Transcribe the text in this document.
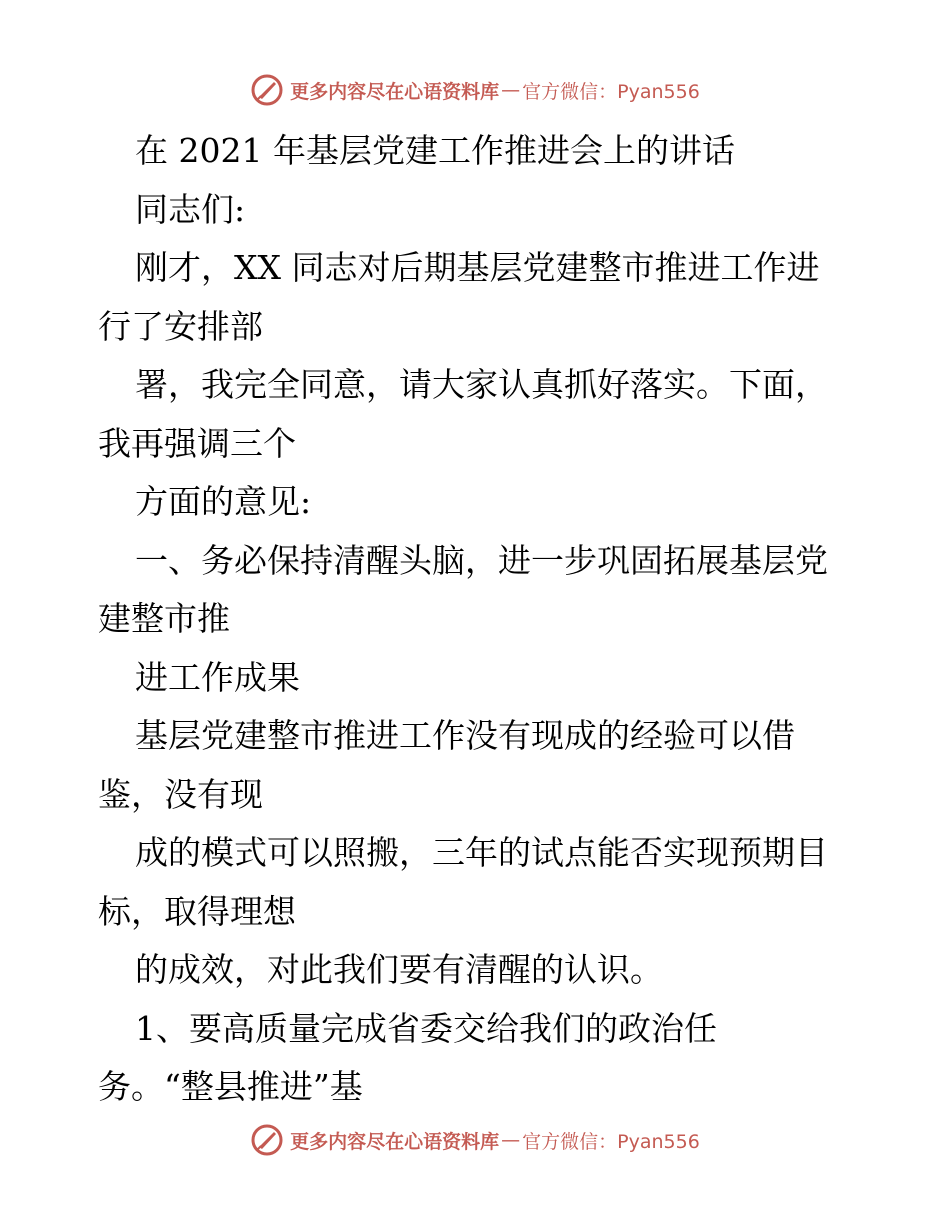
更多内容尽在心语资料库 — 官方微信：Pyan556
在 2021 年基层党建工作推进会上的讲话
同志们:
刚才，XX 同志对后期基层党建整市推进工作进
行了安排部
署，我完全同意，请大家认真抓好落实。下面，
我再强调三个
方面的意见:
一、务必保持清醒头脑，进一步巩固拓展基层党
建整市推
进工作成果
基层党建整市推进工作没有现成的经验可以借
鉴，没有现
成的模式可以照搬，三年的试点能否实现预期目
标，取得理想
的成效，对此我们要有清醒的认识。
1、要高质量完成省委交给我们的政治任
务。“整县推进”基
更多内容尽在心语资料库 — 官方微信：Pyan556
